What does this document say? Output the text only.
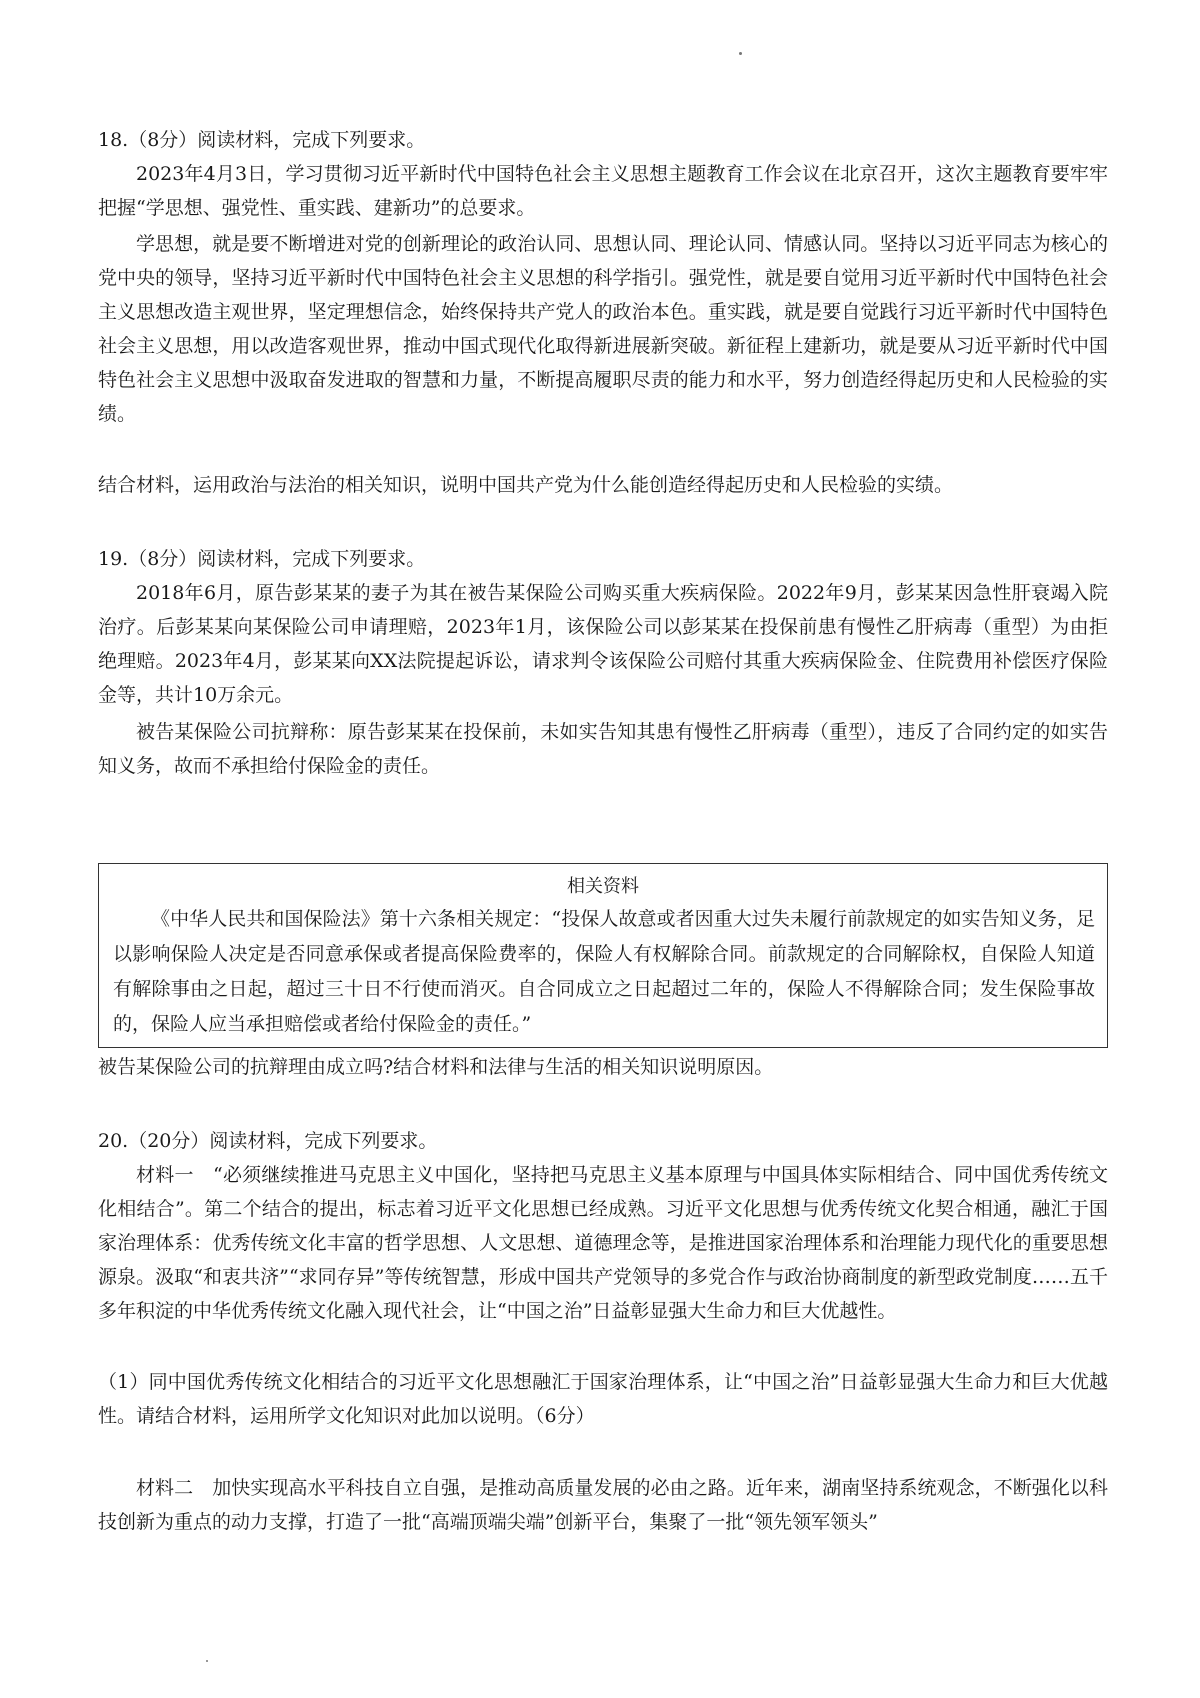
18.（8分）阅读材料，完成下列要求。

2023年4月3日，学习贯彻习近平新时代中国特色社会主义思想主题教育工作会议在北京召开，这次主题教育要牢牢把握“学思想、强党性、重实践、建新功”的总要求。

学思想，就是要不断增进对党的创新理论的政治认同、思想认同、理论认同、情感认同。坚持以习近平同志为核心的党中央的领导，坚持习近平新时代中国特色社会主义思想的科学指引。强党性，就是要自觉用习近平新时代中国特色社会主义思想改造主观世界，坚定理想信念，始终保持共产党人的政治本色。重实践，就是要自觉践行习近平新时代中国特色社会主义思想，用以改造客观世界，推动中国式现代化取得新进展新突破。新征程上建新功，就是要从习近平新时代中国特色社会主义思想中汲取奋发进取的智慧和力量，不断提高履职尽责的能力和水平，努力创造经得起历史和人民检验的实绩。

结合材料，运用政治与法治的相关知识，说明中国共产党为什么能创造经得起历史和人民检验的实绩。

19.（8分）阅读材料，完成下列要求。

2018年6月，原告彭某某的妻子为其在被告某保险公司购买重大疾病保险。2022年9月，彭某某因急性肝衰竭入院治疗。后彭某某向某保险公司申请理赔，2023年1月，该保险公司以彭某某在投保前患有慢性乙肝病毒（重型）为由拒绝理赔。2023年4月，彭某某向XX法院提起诉讼，请求判令该保险公司赔付其重大疾病保险金、住院费用补偿医疗保险金等，共计10万余元。

被告某保险公司抗辩称：原告彭某某在投保前，未如实告知其患有慢性乙肝病毒（重型），违反了合同约定的如实告知义务，故而不承担给付保险金的责任。

相关资料

《中华人民共和国保险法》第十六条相关规定：“投保人故意或者因重大过失未履行前款规定的如实告知义务，足以影响保险人决定是否同意承保或者提高保险费率的，保险人有权解除合同。前款规定的合同解除权，自保险人知道有解除事由之日起，超过三十日不行使而消灭。自合同成立之日起超过二年的，保险人不得解除合同；发生保险事故的，保险人应当承担赔偿或者给付保险金的责任。”

被告某保险公司的抗辩理由成立吗?结合材料和法律与生活的相关知识说明原因。

20.（20分）阅读材料，完成下列要求。

材料一　“必须继续推进马克思主义中国化，坚持把马克思主义基本原理与中国具体实际相结合、同中国优秀传统文化相结合”。第二个结合的提出，标志着习近平文化思想已经成熟。习近平文化思想与优秀传统文化契合相通，融汇于国家治理体系：优秀传统文化丰富的哲学思想、人文思想、道德理念等，是推进国家治理体系和治理能力现代化的重要思想源泉。汲取“和衷共济”“求同存异”等传统智慧，形成中国共产党领导的多党合作与政治协商制度的新型政党制度……五千多年积淀的中华优秀传统文化融入现代社会，让“中国之治”日益彰显强大生命力和巨大优越性。

（1）同中国优秀传统文化相结合的习近平文化思想融汇于国家治理体系，让“中国之治”日益彰显强大生命力和巨大优越性。请结合材料，运用所学文化知识对此加以说明。（6分）

材料二　加快实现高水平科技自立自强，是推动高质量发展的必由之路。近年来，湖南坚持系统观念，不断强化以科技创新为重点的动力支撑，打造了一批“高端顶端尖端”创新平台，集聚了一批“领先领军领头”
